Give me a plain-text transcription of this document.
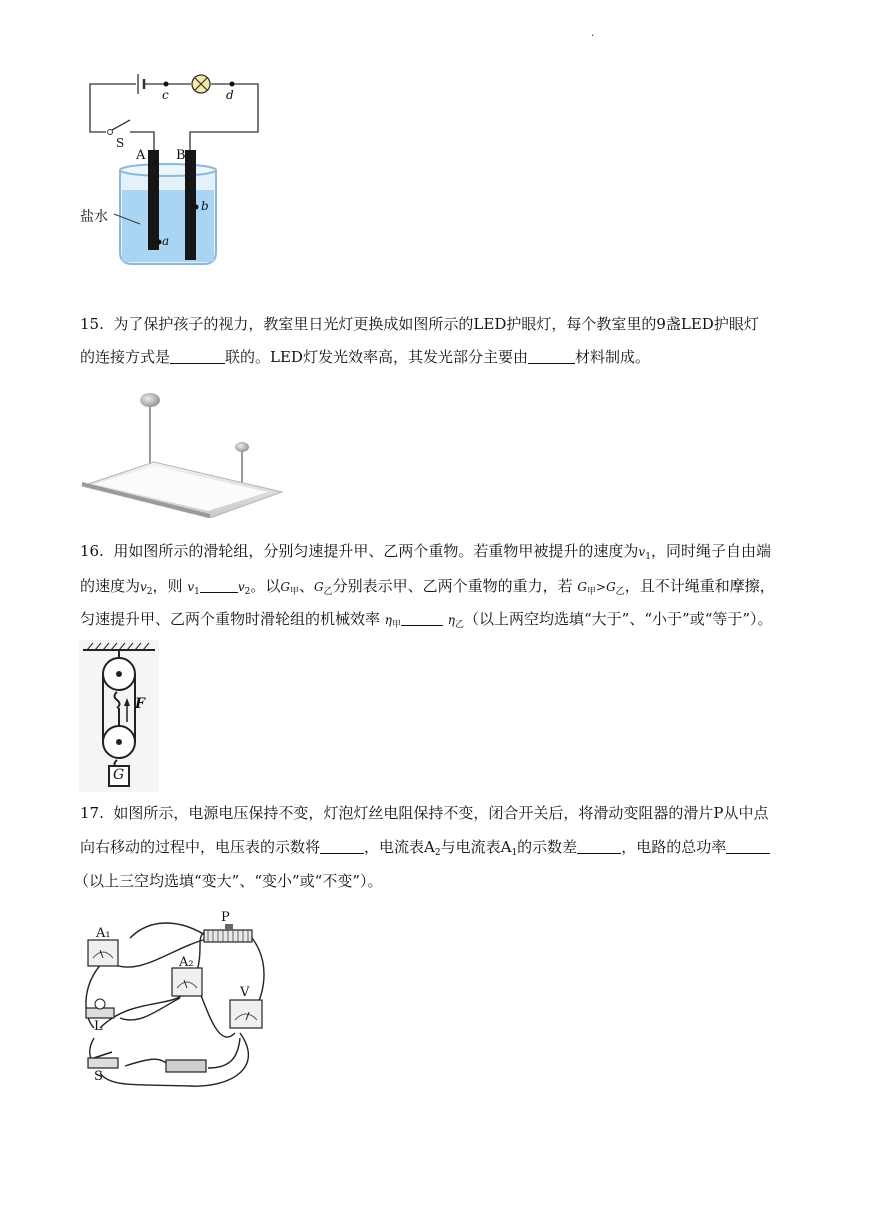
.
c	d
S
A B
a
b
盐水
15. 为了保护孩子的视力，教室里日光灯更换成如图所示的LED护眼灯，每个教室里的9盏LED护眼灯
的连接方式是	联的。LED灯发光效率高，其发光部分主要由	材料制成。
16. 用如图所示的滑轮组，分别匀速提升甲、乙两个重物。若重物甲被提升的速度为$v_1$，同时绳子自由端
的速度为$v_2$，则 $v_1$	$v_2$。以$G_甲$、$G_乙$分别表示甲、乙两个重物的重力，若 $G_甲>G_乙$，且不计绳重和摩擦，
匀速提升甲、乙两个重物时滑轮组的机械效率 $\eta_甲$	$\eta_乙$（以上两空均选填“大于”、“小于”或“等于”）。
F
G
17. 如图所示，电源电压保持不变，灯泡灯丝电阻保持不变，闭合开关后，将滑动变阻器的滑片P从中点
向右移动的过程中，电压表的示数将	，电流表$A_2$与电流表$A_1$的示数差	，电路的总功率
（以上三空均选填“变大”、“变小”或“不变”）。
A₁
A₂
P
V
L
S
